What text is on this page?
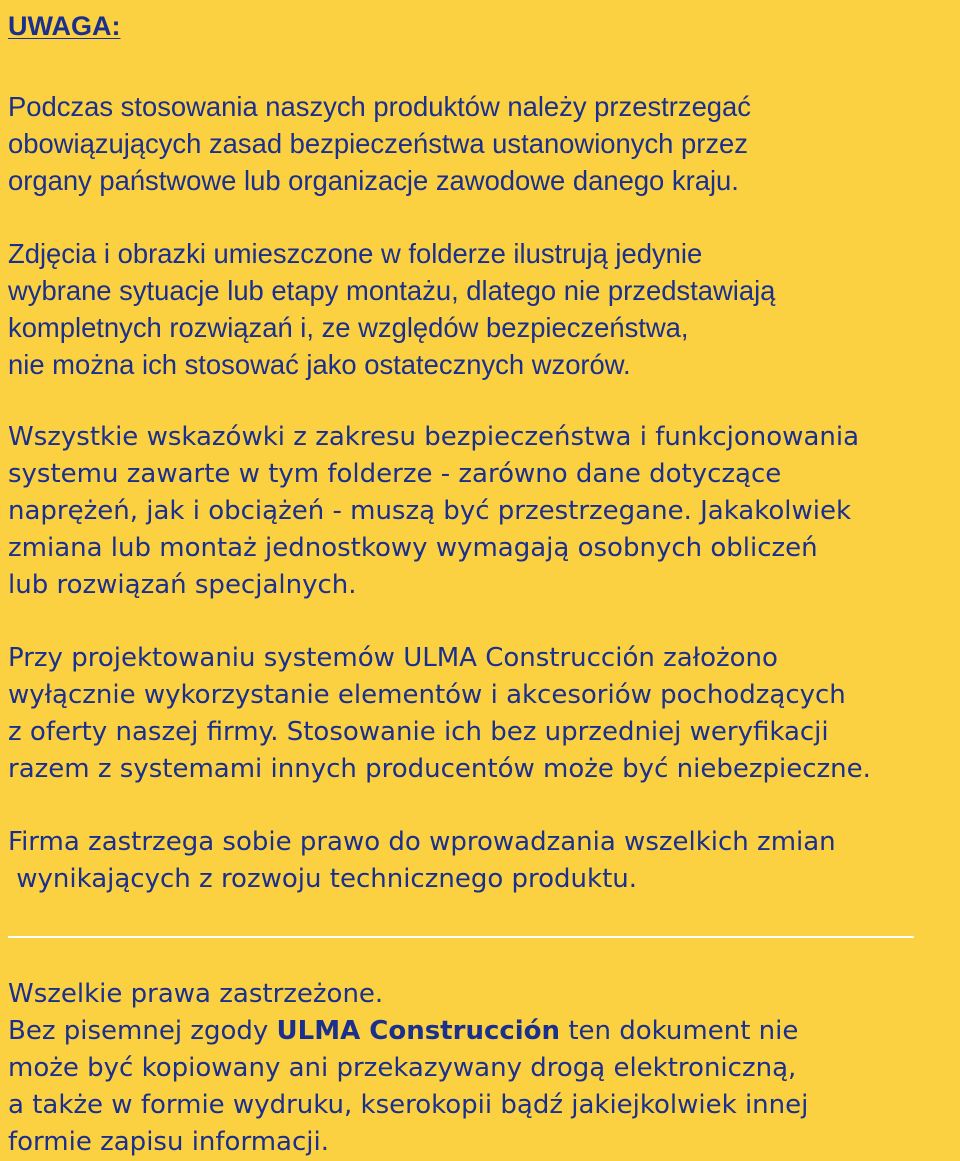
UWAGA:

Podczas stosowania naszych produktów należy przestrzegać
obowiązujących zasad bezpieczeństwa ustanowionych przez
organy państwowe lub organizacje zawodowe danego kraju.

Zdjęcia i obrazki umieszczone w folderze ilustrują jedynie
wybrane sytuacje lub etapy montażu, dlatego nie przedstawiają
kompletnych rozwiązań i, ze względów bezpieczeństwa,
nie można ich stosować jako ostatecznych wzorów.

Wszystkie wskazówki z zakresu bezpieczeństwa i funkcjonowania
systemu zawarte w tym folderze - zarówno dane dotyczące
naprężeń, jak i obciążeń - muszą być przestrzegane. Jakakolwiek
zmiana lub montaż jednostkowy wymagają osobnych obliczeń
lub rozwiązań specjalnych.

Przy projektowaniu systemów ULMA Construcción założono
wyłącznie wykorzystanie elementów i akcesoriów pochodzących
z oferty naszej firmy. Stosowanie ich bez uprzedniej weryfikacji
razem z systemami innych producentów może być niebezpieczne.

Firma zastrzega sobie prawo do wprowadzania wszelkich zmian
wynikających z rozwoju technicznego produktu.

Wszelkie prawa zastrzeżone.
Bez pisemnej zgody ULMA Construcción ten dokument nie
może być kopiowany ani przekazywany drogą elektroniczną,
a także w formie wydruku, kserokopii bądź jakiejkolwiek innej
formie zapisu informacji.
